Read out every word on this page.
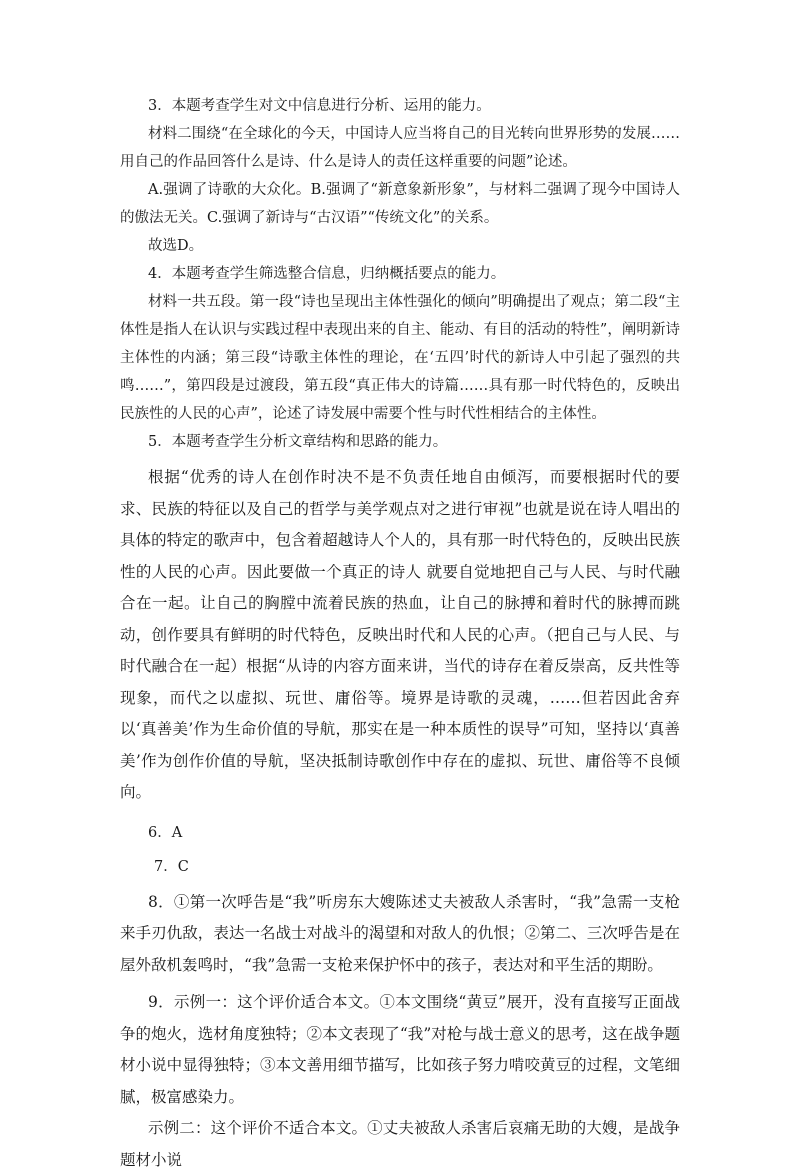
3．本题考查学生对文中信息进行分析、运用的能力。

材料二围绕“在全球化的今天，中国诗人应当将自己的目光转向世界形势的发展……用自己的作品回答什么是诗、什么是诗人的责任这样重要的问题”论述。

A.强调了诗歌的大众化。B.强调了“新意象新形象”，与材料二强调了现今中国诗人的傲法无关。C.强调了新诗与“古汉语”“传统文化”的关系。

故选D。

4．本题考查学生筛选整合信息，归纳概括要点的能力。

材料一共五段。第一段“诗也呈现出主体性强化的倾向”明确提出了观点；第二段“主体性是指人在认识与实践过程中表现出来的自主、能动、有目的活动的特性”，阐明新诗主体性的内涵；第三段“诗歌主体性的理论，在‘五四’时代的新诗人中引起了强烈的共鸣……”，第四段是过渡段，第五段“真正伟大的诗篇……具有那一时代特色的，反映出民族性的人民的心声”，论述了诗发展中需要个性与时代性相结合的主体性。

5．本题考查学生分析文章结构和思路的能力。

根据“优秀的诗人在创作时决不是不负责任地自由倾泻，而要根据时代的要求、民族的特征以及自己的哲学与美学观点对之进行审视”也就是说在诗人唱出的具体的特定的歌声中，包含着超越诗人个人的，具有那一时代特色的，反映出民族性的人民的心声。因此要做一个真正的诗人 就要自觉地把自己与人民、与时代融合在一起。让自己的胸膛中流着民族的热血，让自己的脉搏和着时代的脉搏而跳动，创作要具有鲜明的时代特色，反映出时代和人民的心声。（把自己与人民、与时代融合在一起）根据“从诗的内容方面来讲，当代的诗存在着反崇高，反共性等现象，而代之以虚拟、玩世、庸俗等。境界是诗歌的灵魂，……但若因此舍弃以‘真善美’作为生命价值的导航，那实在是一种本质性的误导”可知，坚持以‘真善美’作为创作价值的导航，坚决抵制诗歌创作中存在的虚拟、玩世、庸俗等不良倾向。

6．A

7．C

8．①第一次呼告是“我”听房东大嫂陈述丈夫被敌人杀害时，“我”急需一支枪来手刃仇敌，表达一名战士对战斗的渴望和对敌人的仇恨；②第二、三次呼告是在屋外敌机轰鸣时，“我”急需一支枪来保护怀中的孩子，表达对和平生活的期盼。

9．示例一：这个评价适合本文。①本文围绕“黄豆”展开，没有直接写正面战争的炮火，选材角度独特；②本文表现了“我”对枪与战士意义的思考，这在战争题材小说中显得独特；③本文善用细节描写，比如孩子努力啃咬黄豆的过程，文笔细腻，极富感染力。

示例二：这个评价不适合本文。①丈夫被敌人杀害后哀痛无助的大嫂，是战争题材小说
